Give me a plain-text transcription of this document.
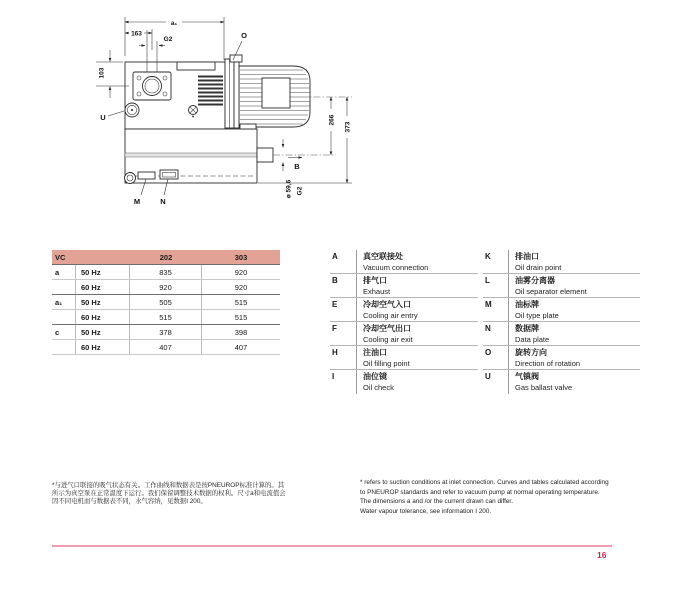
M	N
U
a₁
163
G2
103
O
266
373
B
ø 59,6 G2
VC	202	303
a	50 Hz	835	920
60 Hz	920	920
a₁	50 Hz	505	515
60 Hz	515	515
c	50 Hz	378	398
60 Hz	407	407
A	真空联接处
Vacuum connection
B	排气口
Exhaust
E	冷却空气入口
Cooling air entry
F	冷却空气出口
Cooling air exit
H	注油口
Oil filling point
I	油位镜
Oil check
K	排油口
Oil drain point
L	油雾分离器
Oil separator element
M	油标牌
Oil type plate
N	数据牌
Data plate
O	旋转方向
Direction of rotation
U	气镇阀
Gas ballast valve
*与进气口联接的吸气状态有关。工作曲线和数据表是按PNEUROP标准计算的。其
所示为真空泵在正常温度下运行。我们保留调整技术数据的权利。尺寸a和电流值会
因不同电机而与数据表不同，水气容纳，见数据I 200。
* refers to suction conditions at inlet connection. Curves and tables calculated according
to PNEUROP standards and refer to vacuum pump at normal operating temperature.
The dimensions a and /or the current drawn can differ.
Water vapour tolerance, see information I 200.
16
